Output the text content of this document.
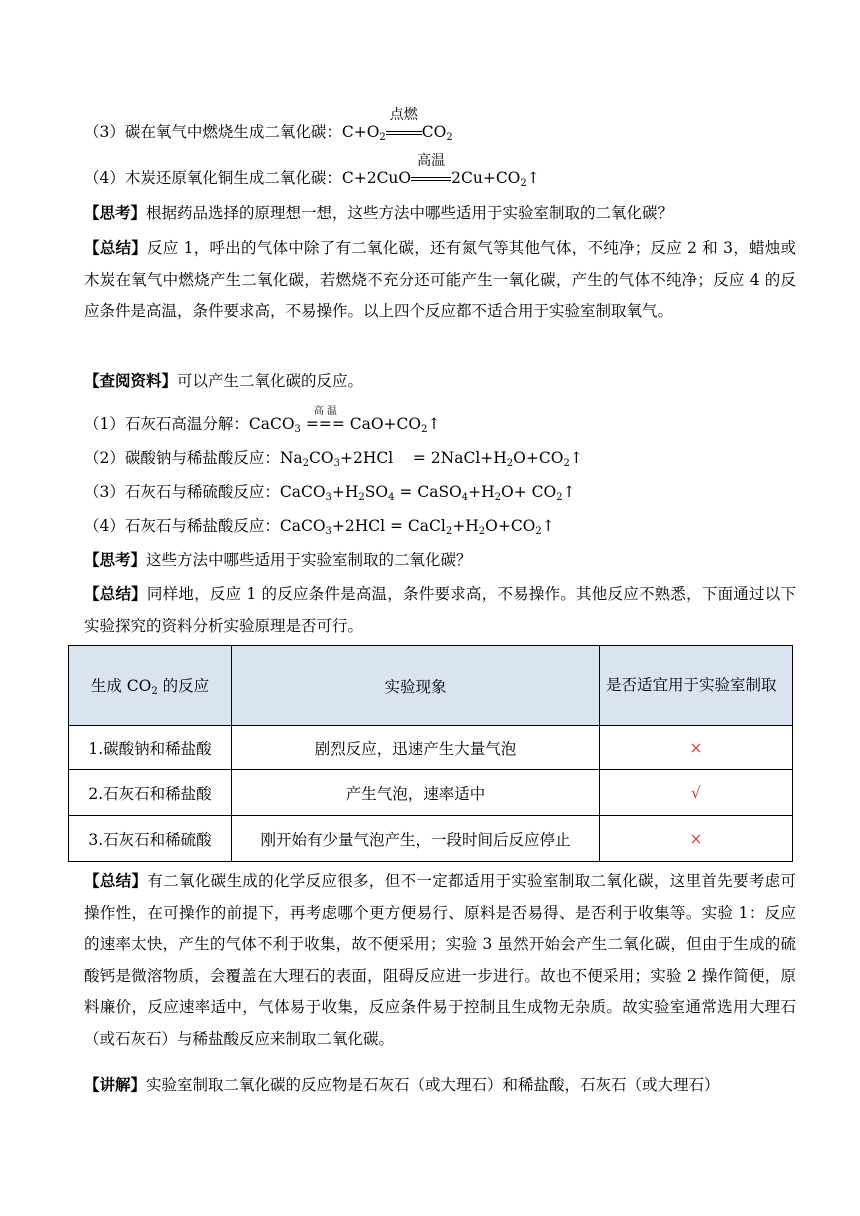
（3）碳在氧气中燃烧生成二氧化碳：$C+O_2$
点燃
$CO_2$
（4）木炭还原氧化铜生成二氧化碳：C+2CuO
高温
$2Cu+CO_2↑$
【思考】根据药品选择的原理想一想，这些方法中哪些适用于实验室制取的二氧化碳？
【总结】反应 1，呼出的气体中除了有二氧化碳，还有氮气等其他气体，不纯净；反应 2 和 3，蜡烛或木炭在氧气中燃烧产生二氧化碳，若燃烧不充分还可能产生一氧化碳，产生的气体不纯净；反应 4 的反应条件是高温，条件要求高，不易操作。以上四个反应都不适合用于实验室制取氧气。
【查阅资料】可以产生二氧化碳的反应。
（1）石灰石高温分解：CaCO$_3$
高 温
=== $CaO+CO_2↑$
（2）碳酸钠与稀盐酸反应：$Na_2CO_3+2HCl$    = $2NaCl+H_2O+CO_2↑$
（3）石灰石与稀硫酸反应：$CaCO_3+H_2SO_4$ = $CaSO_4+H_2O+$ $CO_2↑$
（4）石灰石与稀盐酸反应：CaCO$_3$+2HCl = $CaCl_2+H_2O+CO_2↑$
【思考】这些方法中哪些适用于实验室制取的二氧化碳？
【总结】同样地，反应 1 的反应条件是高温，条件要求高，不易操作。其他反应不熟悉，下面通过以下实验探究的资料分析实验原理是否可行。
生成 $CO_2$ 的反应	实验现象	是否适宜用于实验室制取
1.碳酸钠和稀盐酸	剧烈反应，迅速产生大量气泡	×
2.石灰石和稀盐酸	产生气泡，速率适中	√
3.石灰石和稀硫酸	刚开始有少量气泡产生，一段时间后反应停止	×
【总结】有二氧化碳生成的化学反应很多，但不一定都适用于实验室制取二氧化碳，这里首先要考虑可操作性，在可操作的前提下，再考虑哪个更方便易行、原料是否易得、是否利于收集等。实验 1：反应的速率太快，产生的气体不利于收集，故不便采用；实验 3 虽然开始会产生二氧化碳，但由于生成的硫酸钙是微溶物质，会覆盖在大理石的表面，阻碍反应进一步进行。故也不便采用；实验 2 操作简便，原料廉价，反应速率适中，气体易于收集，反应条件易于控制且生成物无杂质。故实验室通常选用大理石（或石灰石）与稀盐酸反应来制取二氧化碳。
【讲解】实验室制取二氧化碳的反应物是石灰石（或大理石）和稀盐酸，石灰石（或大理石）
